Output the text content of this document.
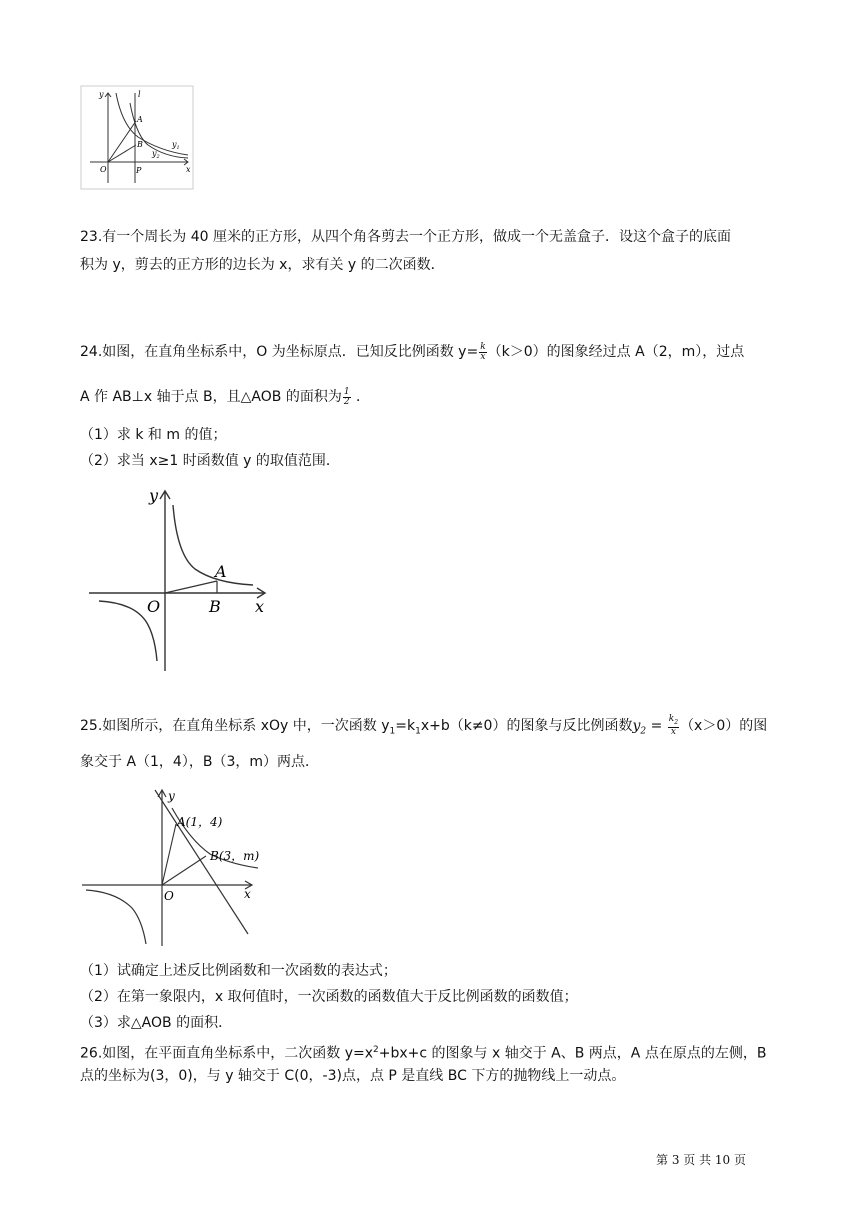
y	l
A
B	$y_1$
$y_2$
O	P	x
23.有一个周长为 40 厘米的正方形，从四个角各剪去一个正方形，做成一个无盖盒子．设这个盒子的底面
积为 y，剪去的正方形的边长为 x，求有关 y 的二次函数．
24.如图，在直角坐标系中，O 为坐标原点．已知反比例函数 $y= \frac{k}{x} (k>0)$的图象经过点 A（2，m），过点
A 作 AB⊥x 轴于点 B，且△AOB 的面积为 $\frac{1}{2}$ ．
（1）求 k 和 m 的值；
（2）求当 x≥1 时函数值 y 的取值范围．
y
A
O	B x
25.如图所示，在直角坐标系 xOy 中，一次函数 $y_1=k_1x+b(k\ne 0)$的图象与反比例函数$y_2 = \frac{k_2}{x} (x>0)$的图
象交于 A（1，4），B（3，m）两点．
y
A(1，4)
B(3，m)
O	x
（1）试确定上述反比例函数和一次函数的表达式；
（2）在第一象限内，x 取何值时，一次函数的函数值大于反比例函数的函数值；
（3）求△AOB 的面积．
26.如图，在平面直角坐标系中，二次函数 $y=x^2+bx+c$ 的图象与 x 轴交于 A、B 两点，A 点在原点的左侧，B
点的坐标为(3，0)，与 y 轴交于 C(0，-3)点，点 P 是直线 BC 下方的抛物线上一动点。
第 3 页 共 10 页
